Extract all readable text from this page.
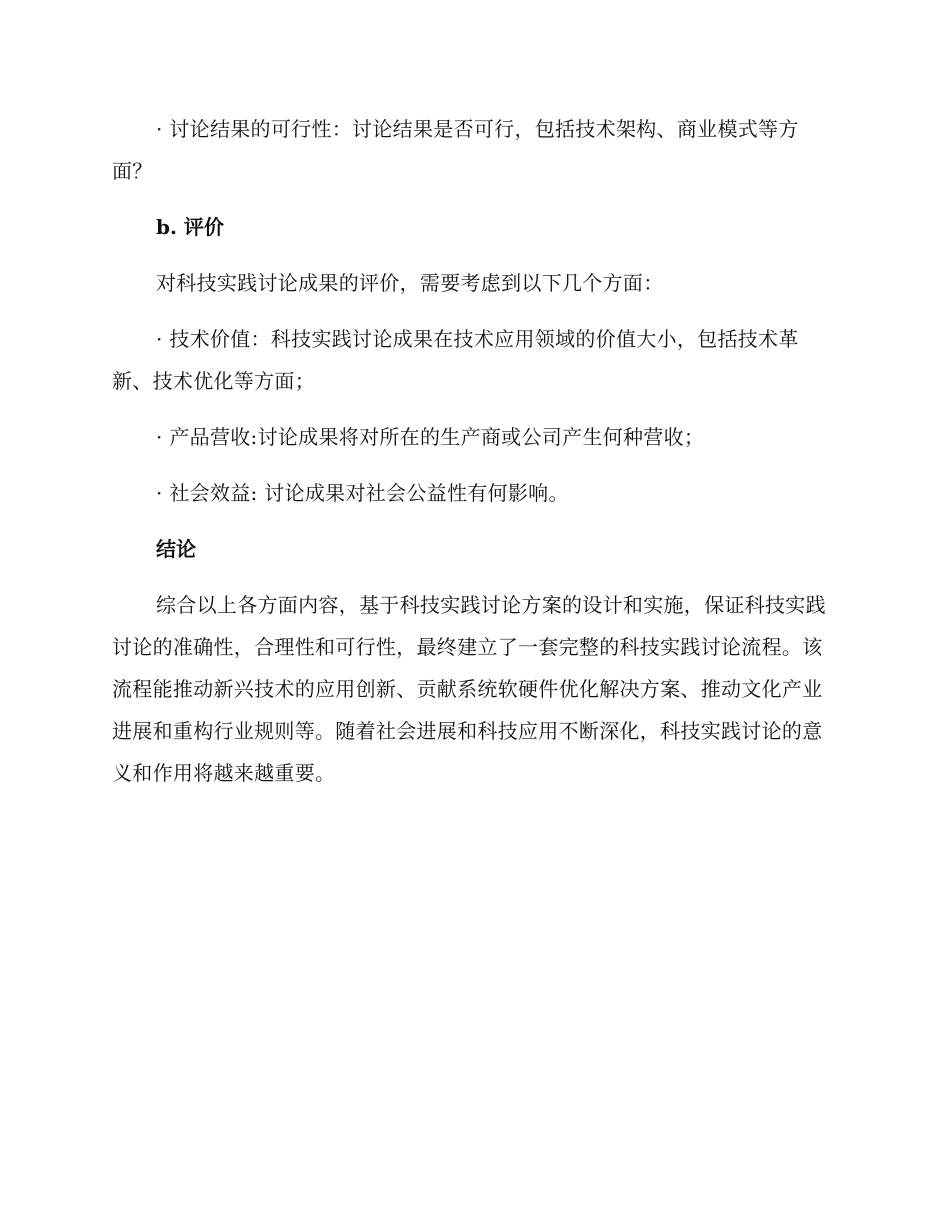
· 讨论结果的可行性：讨论结果是否可行，包括技术架构、商业模式等方面？

b. 评价

对科技实践讨论成果的评价，需要考虑到以下几个方面：

· 技术价值：科技实践讨论成果在技术应用领域的价值大小，包括技术革新、技术优化等方面；

· 产品营收:讨论成果将对所在的生产商或公司产生何种营收；

· 社会效益: 讨论成果对社会公益性有何影响。

结论

综合以上各方面内容，基于科技实践讨论方案的设计和实施，保证科技实践讨论的准确性，合理性和可行性，最终建立了一套完整的科技实践讨论流程。该流程能推动新兴技术的应用创新、贡献系统软硬件优化解决方案、推动文化产业进展和重构行业规则等。随着社会进展和科技应用不断深化，科技实践讨论的意义和作用将越来越重要。
